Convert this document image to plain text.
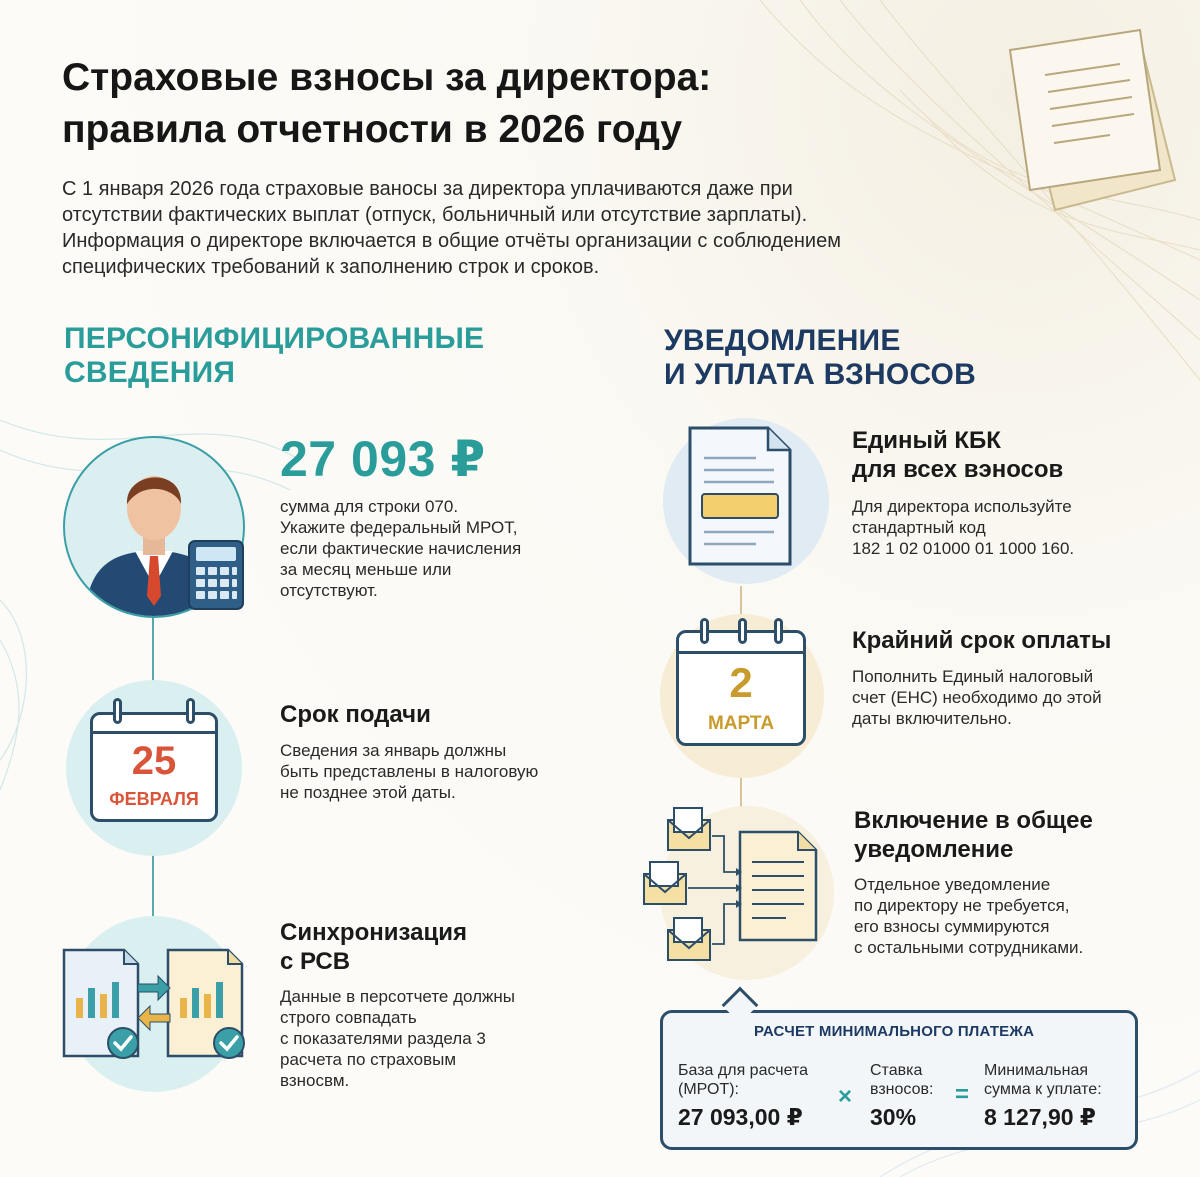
Страховые взносы за директора:
правила отчетности в 2026 году
С 1 января 2026 года страховые ваносы за директора уплачиваются даже при
отсутствии фактических выплат (отпуск, больничный или отсутствие зарплаты).
Информация о директоре включается в общие отчёты организации с соблюдением
специфических требований к заполнению строк и сроков.
ПЕРСОНИФИЦИРОВАННЫЕ
СВЕДЕНИЯ
УВЕДОМЛЕНИЕ
И УПЛАТА ВЗНОСОВ
27 093 ₽
сумма для строки 070.
Укажите федеральный МРОТ,
если фактические начисления
за месяц меньше или
отсутствуют.
25
ФЕВРАЛЯ
Срок подачи
Сведения за январь должны
быть представлены в налоговую
не позднее этой даты.
Синхронизация
с РСВ
Данные в персотчете должны
строго совпадать
с показателями раздела 3
расчета по страховым
взносвм.
Единый КБК
для всех вэносов
Для директора используйте
стандартный код
182 1 02 01000 01 1000 160.
2
МАРТА
Крайний срок оплаты
Пополнить Единый налоговый
счет (ЕНС) необходимо до этой
даты включительно.
Включение в общее
уведомление
Отдельное уведомление
по директору не требуется,
его взносы суммируются
с остальными сотрудниками.
РАСЧЕТ МИНИМАЛЬНОГО ПЛАТЕЖА
База для расчета
(МРОТ):
27 093,00 ₽
×
Ставка
взносов:
30%
=
Минимальная
сумма к уплате:
8 127,90 ₽
